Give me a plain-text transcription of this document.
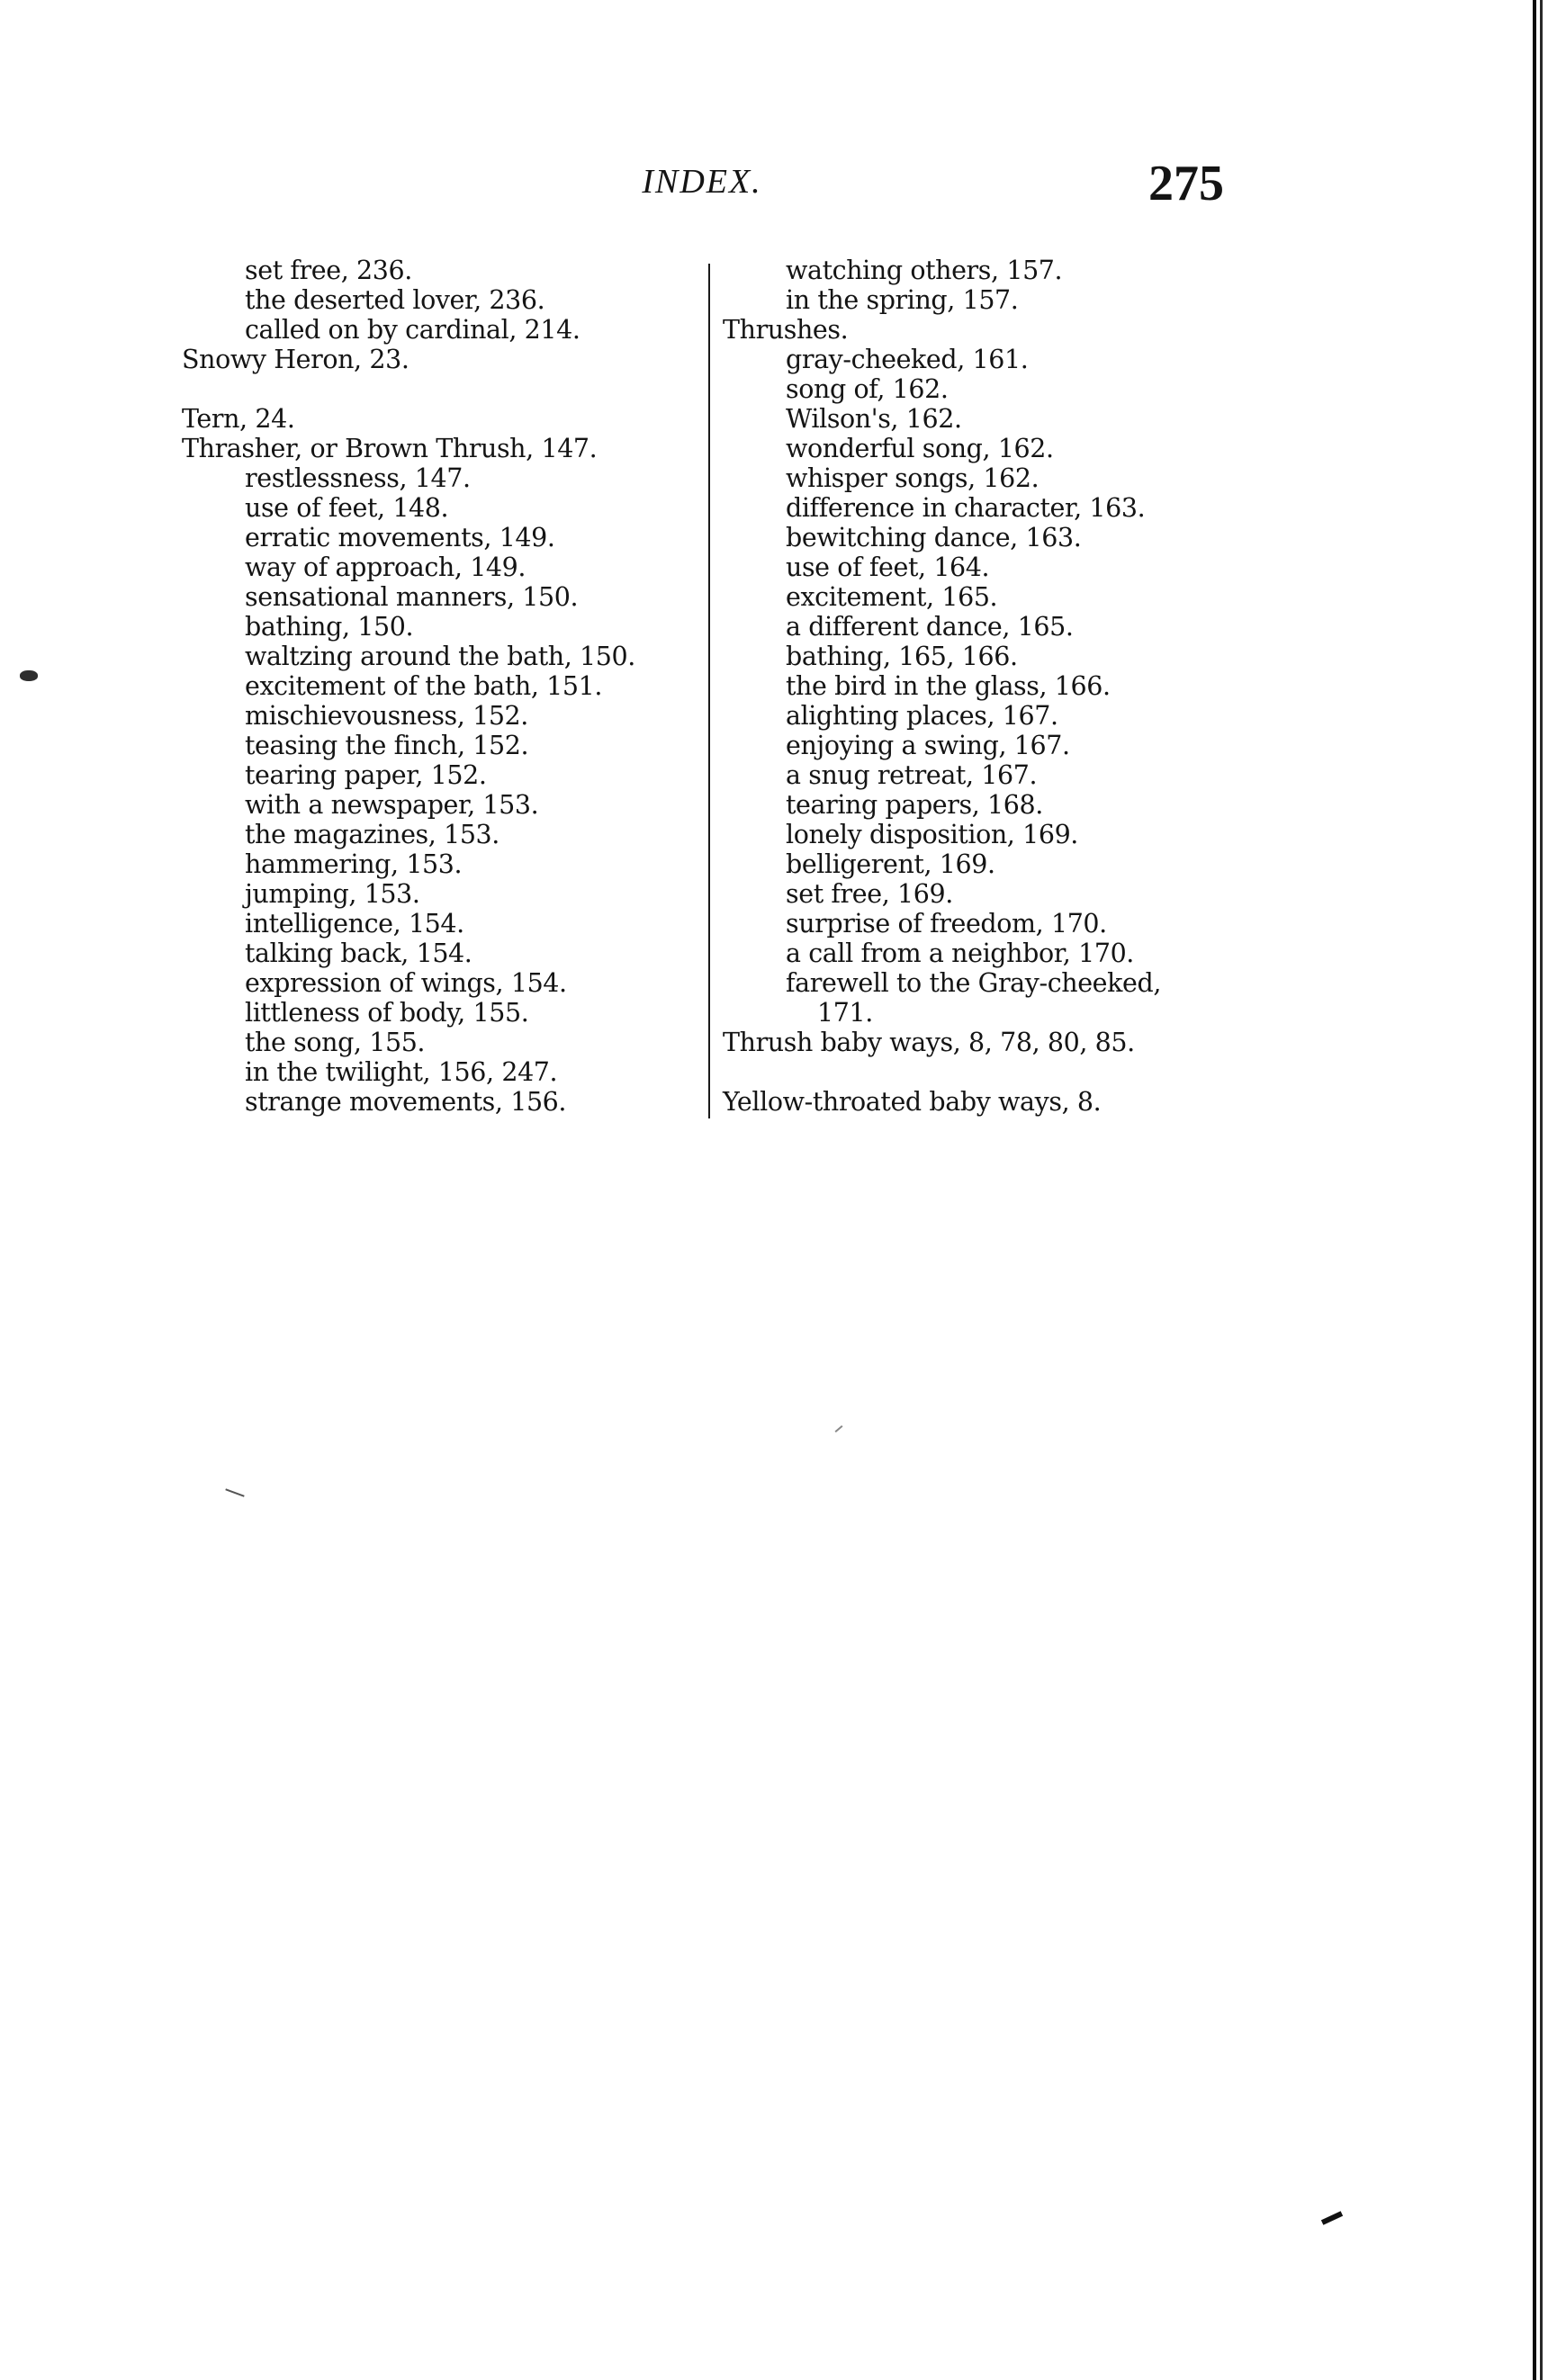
INDEX.	275
set free, 236.
the deserted lover, 236.
called on by cardinal, 214.
Snowy Heron, 23.
Tern, 24.
Thrasher, or Brown Thrush, 147.
restlessness, 147.
use of feet, 148.
erratic movements, 149.
way of approach, 149.
sensational manners, 150.
bathing, 150.
waltzing around the bath, 150.
excitement of the bath, 151.
mischievousness, 152.
teasing the finch, 152.
tearing paper, 152.
with a newspaper, 153.
the magazines, 153.
hammering, 153.
jumping, 153.
intelligence, 154.
talking back, 154.
expression of wings, 154.
littleness of body, 155.
the song, 155.
in the twilight, 156, 247.
strange movements, 156.
watching others, 157.
in the spring, 157.
Thrushes.
gray-cheeked, 161.
song of, 162.
Wilson's, 162.
wonderful song, 162.
whisper songs, 162.
difference in character, 163.
bewitching dance, 163.
use of feet, 164.
excitement, 165.
a different dance, 165.
bathing, 165, 166.
the bird in the glass, 166.
alighting places, 167.
enjoying a swing, 167.
a snug retreat, 167.
tearing papers, 168.
lonely disposition, 169.
belligerent, 169.
set free, 169.
surprise of freedom, 170.
a call from a neighbor, 170.
farewell to the Gray-cheeked,
171.
Thrush baby ways, 8, 78, 80, 85.
Yellow-throated baby ways, 8.
